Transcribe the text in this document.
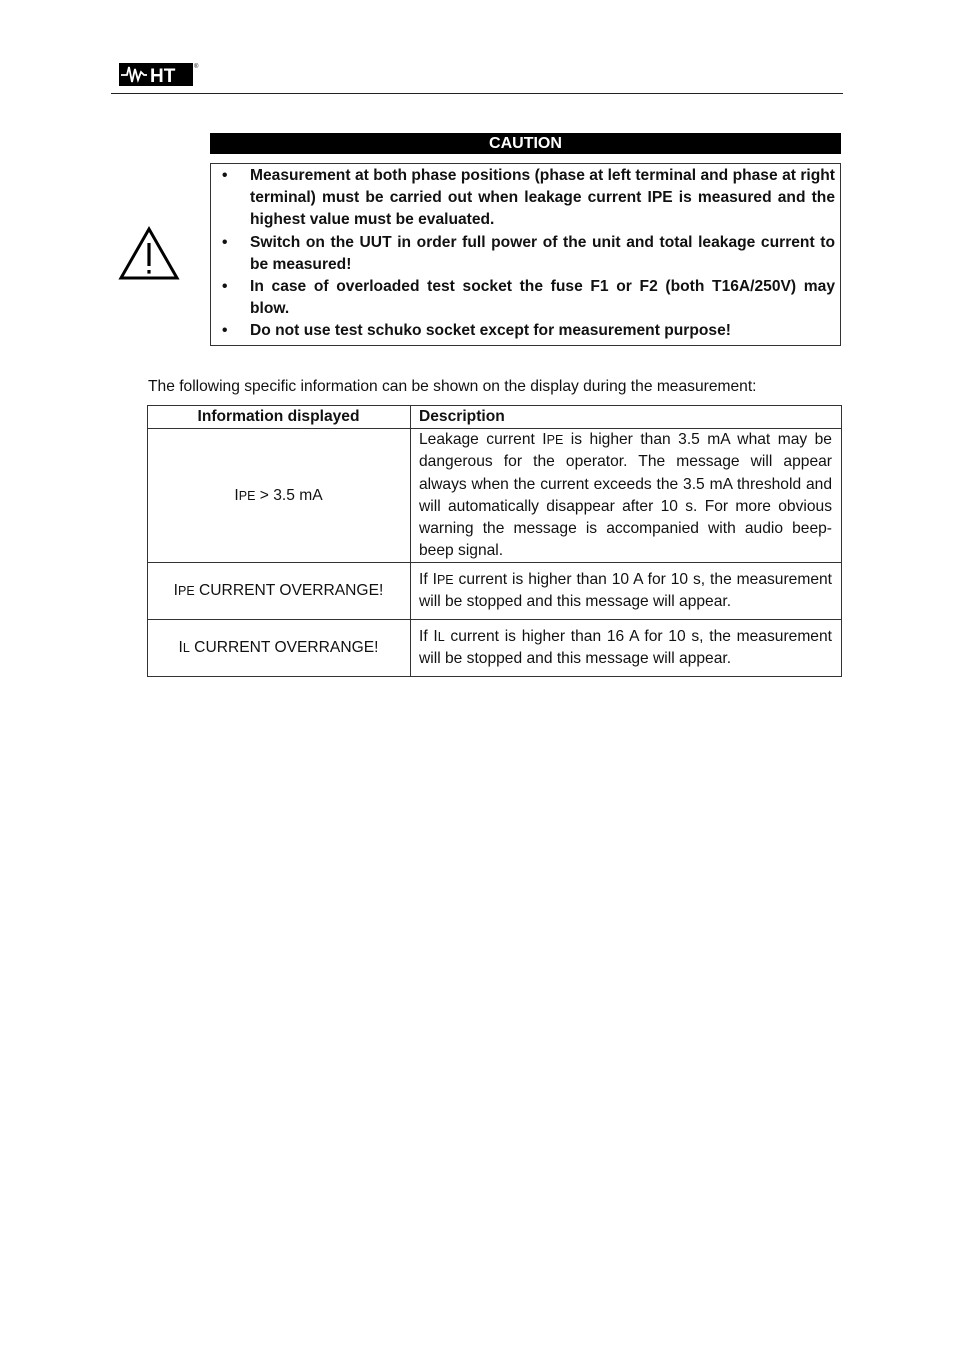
HT	®
CAUTION
• Measurement at both phase positions (phase at left terminal and phase at right terminal) must be carried out when leakage current IPE is measured and the highest value must be evaluated.
• Switch on the UUT in order full power of the unit and total leakage current to be measured!
• In case of overloaded test socket the fuse F1 or F2 (both T16A/250V) may blow.
• Do not use test schuko socket except for measurement purpose!
The following specific information can be shown on the display during the measurement:
Information displayed	Description
IPE > 3.5 mA	Leakage current IPE is higher than 3.5 mA what may be dangerous for the operator. The message will appear always when the current exceeds the 3.5 mA threshold and will automatically disappear after 10 s. For more obvious warning the message is accompanied with audio beep-beep signal.
IPE CURRENT OVERRANGE!	If IPE current is higher than 10 A for 10 s, the measurement will be stopped and this message will appear.
IL CURRENT OVERRANGE!	If IL current is higher than 16 A for 10 s, the measurement will be stopped and this message will appear.
